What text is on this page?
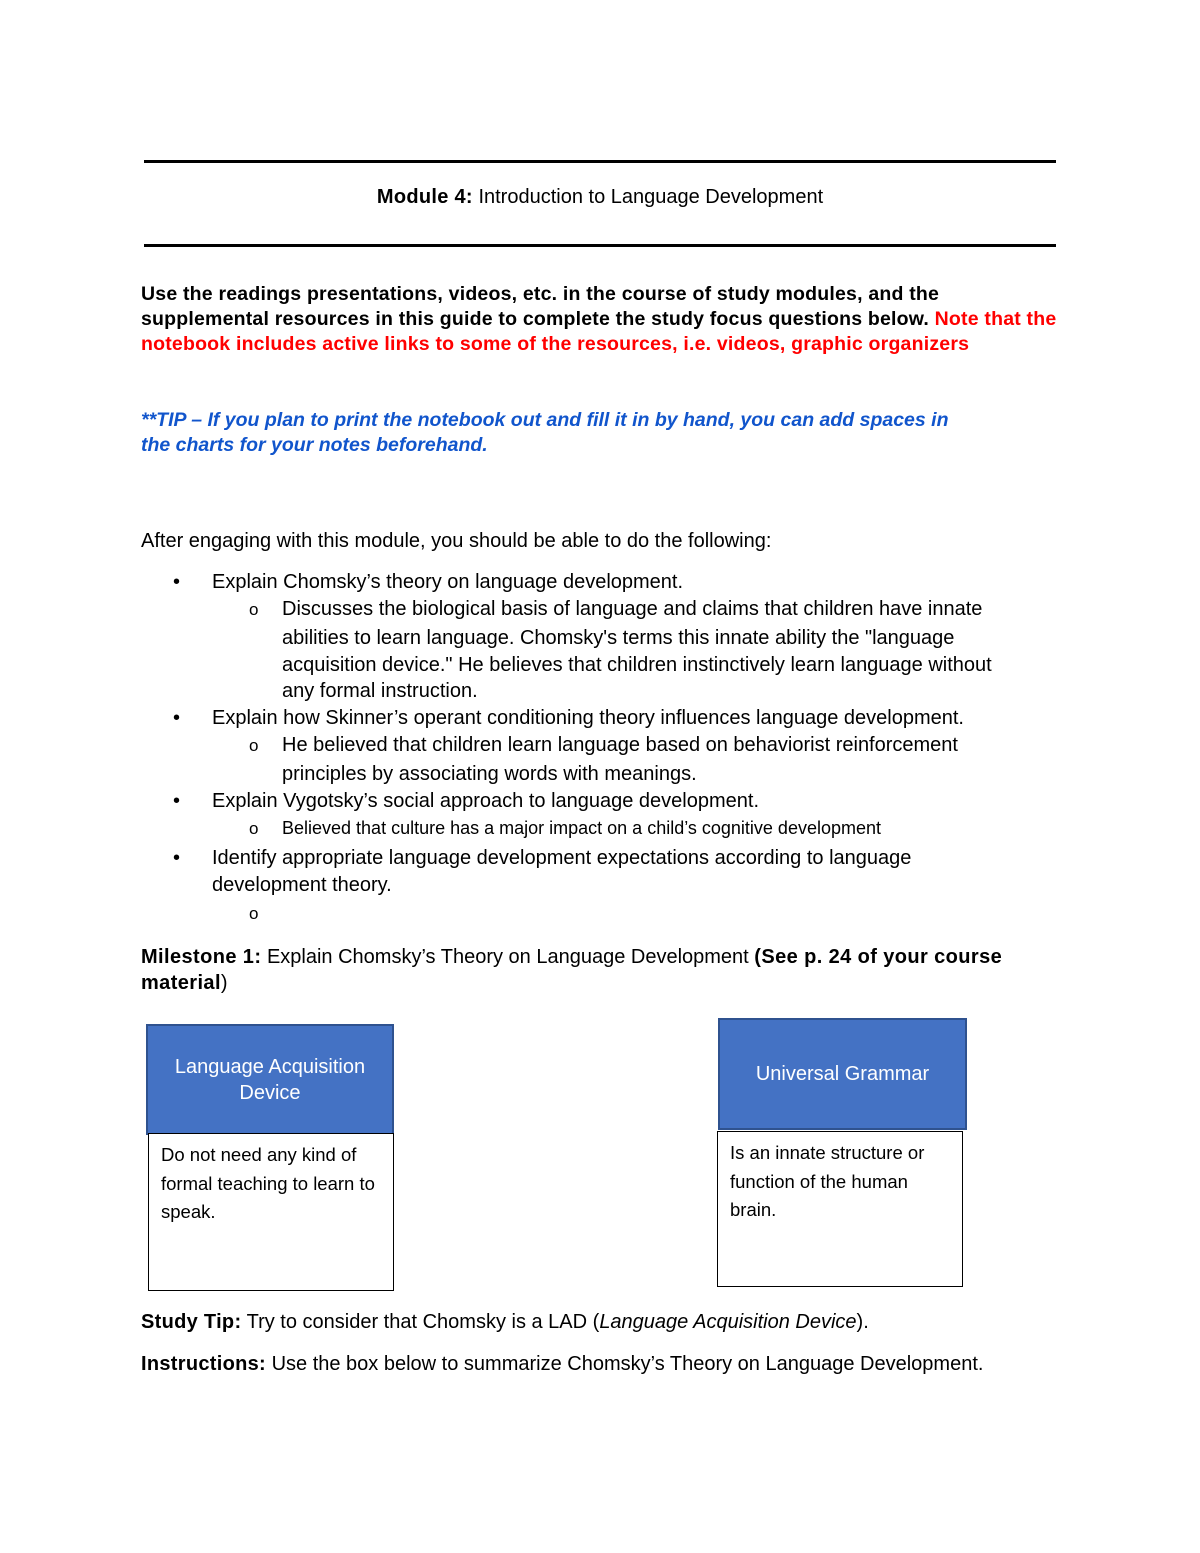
Module 4: Introduction to Language Development
Use the readings presentations, videos, etc. in the course of study modules, and the supplemental resources in this guide to complete the study focus questions below. Note that the notebook includes active links to some of the resources, i.e. videos, graphic organizers
**TIP – If you plan to print the notebook out and fill it in by hand, you can add spaces in
the charts for your notes beforehand.
After engaging with this module, you should be able to do the following:
• Explain Chomsky’s theory on language development.
o Discusses the biological basis of language and claims that children have innate
abilities to learn language. Chomsky's terms this innate ability the "language
acquisition device." He believes that children instinctively learn language without
any formal instruction.
• Explain how Skinner’s operant conditioning theory influences language development.
o He believed that children learn language based on behaviorist reinforcement
principles by associating words with meanings.
• Explain Vygotsky’s social approach to language development.
o Believed that culture has a major impact on a child’s cognitive development
• Identify appropriate language development expectations according to language
development theory.
o
Milestone 1: Explain Chomsky’s Theory on Language Development (See p. 24 of your course material)
Language Acquisition Device
Do not need any kind of formal teaching to learn to speak.
Universal Grammar
Is an innate structure or function of the human brain.
Study Tip: Try to consider that Chomsky is a LAD (Language Acquisition Device).
Instructions: Use the box below to summarize Chomsky’s Theory on Language Development.
